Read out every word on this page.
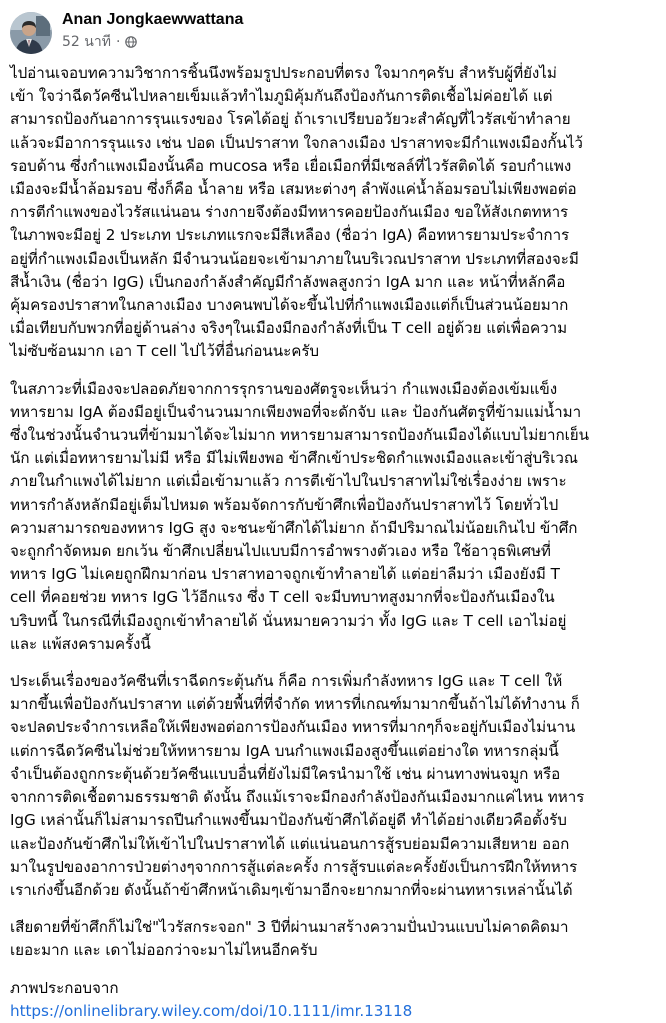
Anan Jongkaewwattana
52 นาที ·
ไปอ่านเจอบทความวิชาการชิ้นนึงพร้อมรูปประกอบที่ตรง ใจมากๆครับ สำหรับผู้ที่ยังไม่
เข้า ใจว่าฉีดวัคซีนไปหลายเข็มแล้วทำไมภูมิคุ้มกันถึงป้องกันการติดเชื้อไม่ค่อยได้ แต่
สามารถป้องกันอาการรุนแรงของ โรคได้อยู่ ถ้าเราเปรียบอวัยวะสำคัญที่ไวรัสเข้าทำลาย
แล้วจะมีอาการรุนแรง เช่น ปอด เป็นปราสาท ใจกลางเมือง ปราสาทจะมีกำแพงเมืองกั้นไว้
รอบด้าน ซึ่งกำแพงเมืองนั้นคือ mucosa หรือ เยื่อเมือกที่มีเซลล์ที่ไวรัสติดได้ รอบกำแพง
เมืองจะมีน้ำล้อมรอบ ซึ่งก็คือ น้ำลาย หรือ เสมหะต่างๆ ลำพังแค่น้ำล้อมรอบไม่เพียงพอต่อ
การตีกำแพงของไวรัสแน่นอน ร่างกายจึงต้องมีทหารคอยป้องกันเมือง ขอให้สังเกตทหาร
ในภาพจะมีอยู่ 2 ประเภท ประเภทแรกจะมีสีเหลือง (ชื่อว่า IgA) คือทหารยามประจำการ
อยู่ที่กำแพงเมืองเป็นหลัก มีจำนวนน้อยจะเข้ามาภายในบริเวณปราสาท ประเภทที่สองจะมี
สีน้ำเงิน (ชื่อว่า IgG) เป็นกองกำลังสำคัญมีกำลังพลสูงกว่า IgA มาก และ หน้าที่หลักคือ
คุ้มครองปราสาทในกลางเมือง บางคนพบได้จะขึ้นไปที่กำแพงเมืองแต่ก็เป็นส่วนน้อยมาก
เมื่อเทียบกับพวกที่อยู่ด้านล่าง จริงๆในเมืองมีกองกำลังที่เป็น T cell อยู่ด้วย แต่เพื่อความ
ไม่ซับซ้อนมาก เอา T cell ไปไว้ที่อื่นก่อนนะครับ
ในสภาวะที่เมืองจะปลอดภัยจากการรุกรานของศัตรูจะเห็นว่า กำแพงเมืองต้องเข้มแข็ง
ทหารยาม IgA ต้องมีอยู่เป็นจำนวนมากเพียงพอที่จะดักจับ และ ป้องกันศัตรูที่ข้ามแม่น้ำมา
ซึ่งในช่วงนั้นจำนวนที่ข้ามมาได้จะไม่มาก ทหารยามสามารถป้องกันเมืองได้แบบไม่ยากเย็น
นัก แต่เมื่อทหารยามไม่มี หรือ มีไม่เพียงพอ ข้าศึกเข้าประชิดกำแพงเมืองและเข้าสู่บริเวณ
ภายในกำแพงได้ไม่ยาก แต่เมื่อเข้ามาแล้ว การตีเข้าไปในปราสาทไม่ใช่เรื่องง่าย เพราะ
ทหารกำลังหลักมีอยู่เต็มไปหมด พร้อมจัดการกับข้าศึกเพื่อป้องกันปราสาทไว้ โดยทั่วไป
ความสามารถของทหาร IgG สูง จะชนะข้าศึกได้ไม่ยาก ถ้ามีปริมาณไม่น้อยเกินไป ข้าศึก
จะถูกกำจัดหมด ยกเว้น ข้าศึกเปลี่ยนไปแบบมีการอำพรางตัวเอง หรือ ใช้อาวุธพิเศษที่
ทหาร IgG ไม่เคยถูกฝึกมาก่อน ปราสาทอาจถูกเข้าทำลายได้ แต่อย่าลืมว่า เมืองยังมี T
cell ที่คอยช่วย ทหาร IgG ไว้อีกแรง ซึ่ง T cell จะมีบทบาทสูงมากที่จะป้องกันเมืองใน
บริบทนี้ ในกรณีที่เมืองถูกเข้าทำลายได้ นั่นหมายความว่า ทั้ง IgG และ T cell เอาไม่อยู่
และ แพ้สงครามครั้งนี้
ประเด็นเรื่องของวัคซีนที่เราฉีดกระตุ้นกัน ก็คือ การเพิ่มกำลังทหาร IgG และ T cell ให้
มากขึ้นเพื่อป้องกันปราสาท แต่ด้วยพื้นที่ที่จำกัด ทหารที่เกณฑ์มามากขึ้นถ้าไม่ได้ทำงาน ก็
จะปลดประจำการเหลือให้เพียงพอต่อการป้องกันเมือง ทหารที่มากๆก็จะอยู่กับเมืองไม่นาน
แต่การฉีดวัคซีนไม่ช่วยให้ทหารยาม IgA บนกำแพงเมืองสูงขึ้นแต่อย่างใด ทหารกลุ่มนี้
จำเป็นต้องถูกกระตุ้นด้วยวัคซีนแบบอื่นที่ยังไม่มีใครนำมาใช้ เช่น ผ่านทางพ่นจมูก หรือ
จากการติดเชื้อตามธรรมชาติ ดังนั้น ถึงแม้เราจะมีกองกำลังป้องกันเมืองมากแค่ไหน ทหาร
IgG เหล่านั้นก็ไม่สามารถปีนกำแพงขึ้นมาป้องกันข้าศึกได้อยู่ดี ทำได้อย่างเดียวคือตั้งรับ
และป้องกันข้าศึกไม่ให้เข้าไปในปราสาทได้ แต่แน่นอนการสู้รบย่อมมีความเสียหาย ออก
มาในรูปของอาการป่วยต่างๆจากการสู้แต่ละครั้ง การสู้รบแต่ละครั้งยังเป็นการฝึกให้ทหาร
เราเก่งขึ้นอีกด้วย ดังนั้นถ้าข้าศึกหน้าเดิมๆเข้ามาอีกจะยากมากที่จะผ่านทหารเหล่านั้นได้
เสียดายที่ข้าศึกก็ไม่ใช่"ไวรัสกระจอก" 3 ปีที่ผ่านมาสร้างความปั่นป่วนแบบไม่คาดคิดมา
เยอะมาก และ เดาไม่ออกว่าจะมาไม่ไหนอีกครับ
ภาพประกอบจาก
https://onlinelibrary.wiley.com/doi/10.1111/imr.13118
